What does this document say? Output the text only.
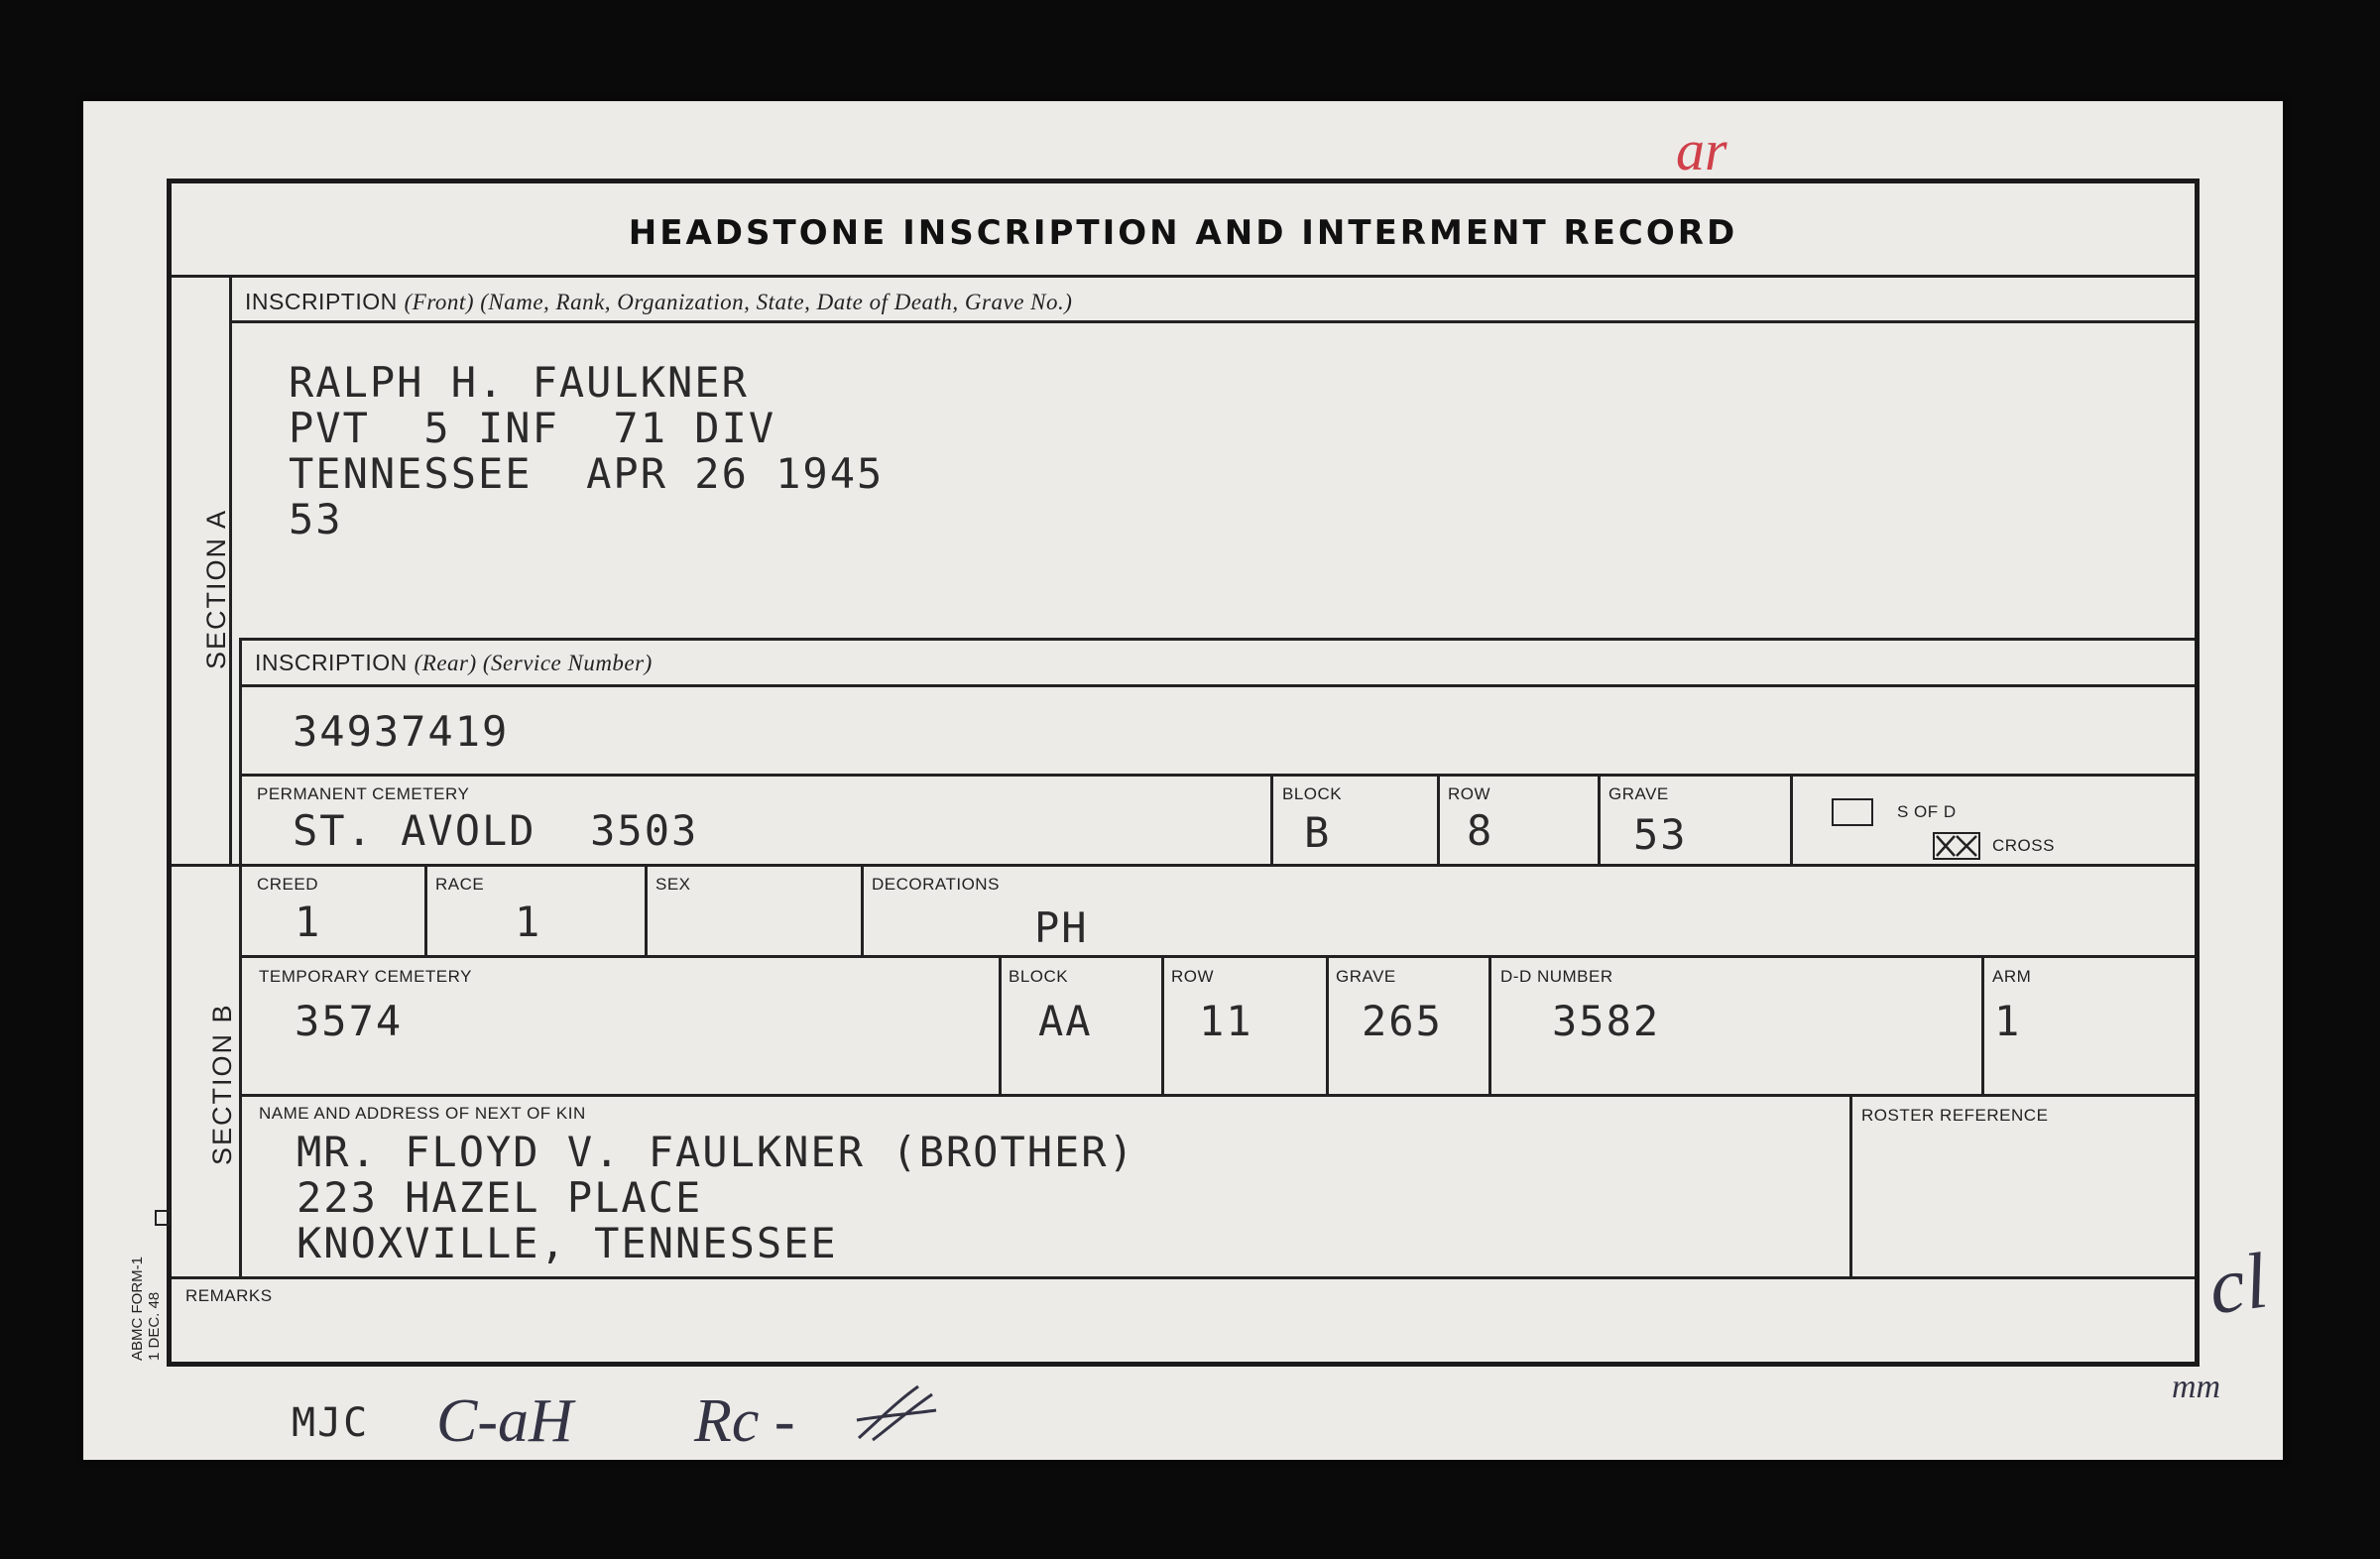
ar
HEADSTONE INSCRIPTION AND INTERMENT RECORD
SECTION A
SECTION B
INSCRIPTION (Front) (Name, Rank, Organization, State, Date of Death, Grave No.)
RALPH H. FAULKNER
PVT  5 INF  71 DIV
TENNESSEE  APR 26 1945
53
INSCRIPTION (Rear) (Service Number)
34937419
PERMANENT CEMETERY
ST. AVOLD  3503
BLOCK
B
ROW
8
GRAVE
53	S OF D
CROSS
CREED
1
RACE
1
SEX	DECORATIONS
PH
TEMPORARY CEMETERY
3574
BLOCK
AA
ROW
11
GRAVE
265
D-D NUMBER
3582
ARM
1
NAME AND ADDRESS OF NEXT OF KIN
MR. FLOYD V. FAULKNER (BROTHER)
223 HAZEL PLACE
KNOXVILLE, TENNESSEE
ROSTER REFERENCE
REMARKS
ABMC FORM-1
1 DEC. 48
MJC C-aH Rc -
cl
mm
